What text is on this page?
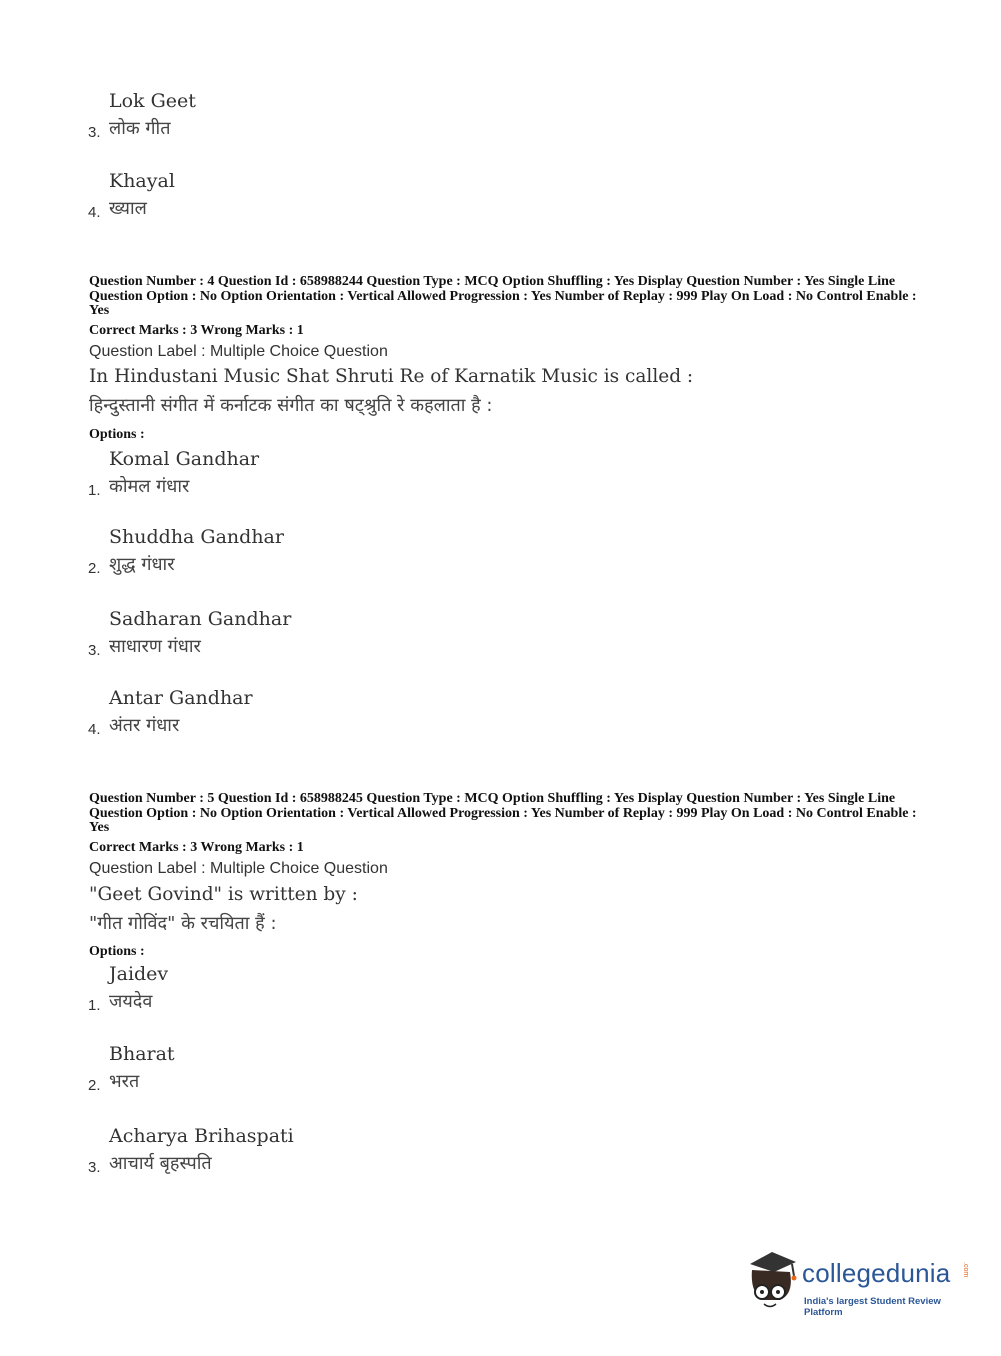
Lok Geet
3. लोक गीत
Khayal
4. ख्याल
Question Number : 4 Question Id : 658988244 Question Type : MCQ Option Shuffling : Yes Display Question Number : Yes Single Line Question Option : No Option Orientation : Vertical Allowed Progression : Yes Number of Replay : 999 Play On Load : No Control Enable : Yes
Correct Marks : 3 Wrong Marks : 1
Question Label : Multiple Choice Question
In Hindustani Music Shat Shruti Re of Karnatik Music is called :
हिन्दुस्तानी संगीत में कर्नाटक संगीत का षट्श्रुति रे कहलाता है :
Options :
Komal Gandhar
1. कोमल गंधार
Shuddha Gandhar
2. शुद्ध गंधार
Sadharan Gandhar
3. साधारण गंधार
Antar Gandhar
4. अंतर गंधार
Question Number : 5 Question Id : 658988245 Question Type : MCQ Option Shuffling : Yes Display Question Number : Yes Single Line Question Option : No Option Orientation : Vertical Allowed Progression : Yes Number of Replay : 999 Play On Load : No Control Enable : Yes
Correct Marks : 3 Wrong Marks : 1
Question Label : Multiple Choice Question
"Geet Govind" is written by :
"गीत गोविंद" के रचयिता हैं :
Options :
Jaidev
1. जयदेव
Bharat
2. भरत
Acharya Brihaspati
3. आचार्य बृहस्पति
collegedunia .com
India's largest Student Review Platform
